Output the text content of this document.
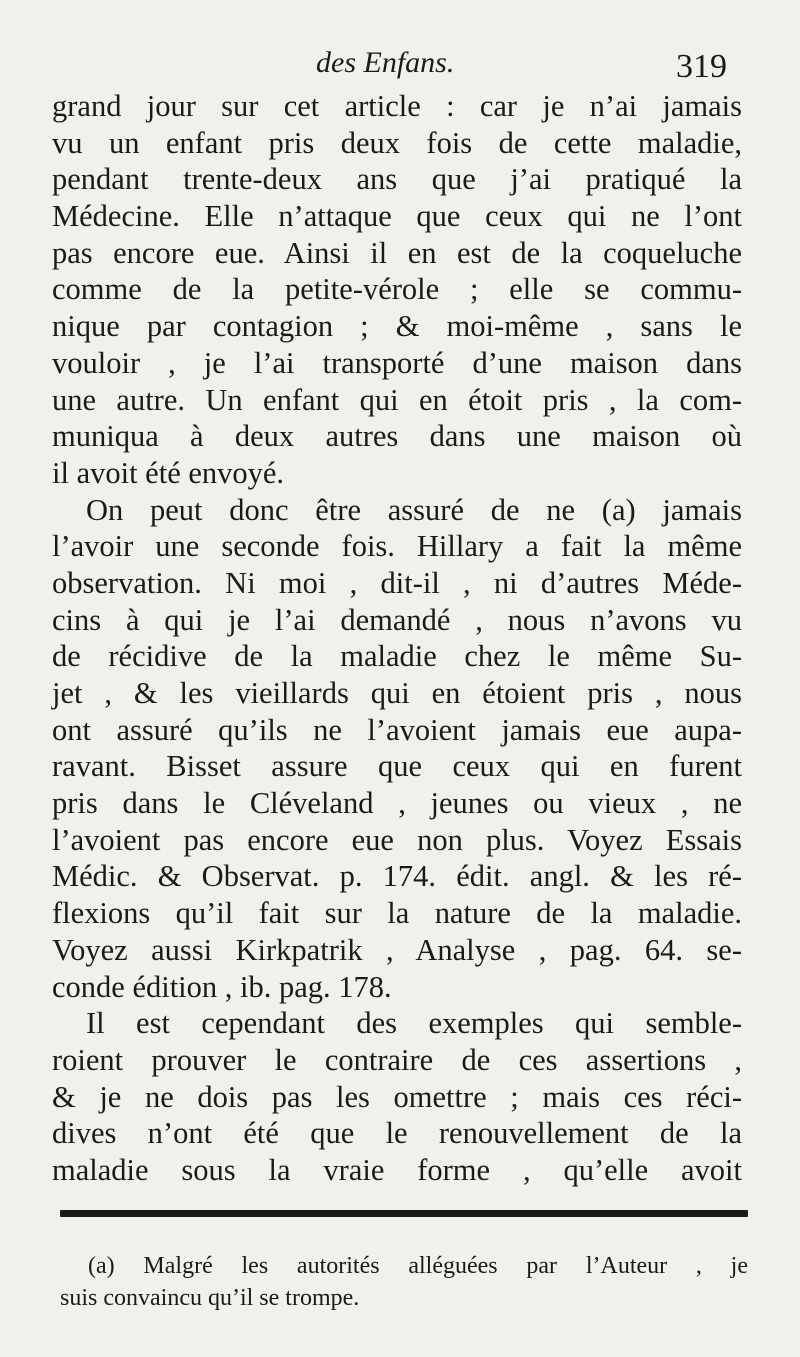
des Enfans.	319
grand jour sur cet article : car je n’ai jamais
vu un enfant pris deux fois de cette maladie,
pendant trente-deux ans que j’ai pratiqué la
Médecine. Elle n’attaque que ceux qui ne l’ont
pas encore eue. Ainsi il en est de la coqueluche
comme de la petite-vérole ; elle se commu-
nique par contagion ; & moi-même , sans le
vouloir , je l’ai transporté d’une maison dans
une autre. Un enfant qui en étoit pris , la com-
muniqua à deux autres dans une maison où
il avoit été envoyé.
On peut donc être assuré de ne (a) jamais
l’avoir une seconde fois. Hillary a fait la même
observation. Ni moi , dit-il , ni d’autres Méde-
cins à qui je l’ai demandé , nous n’avons vu
de récidive de la maladie chez le même Su-
jet , & les vieillards qui en étoient pris , nous
ont assuré qu’ils ne l’avoient jamais eue aupa-
ravant. Bisset assure que ceux qui en furent
pris dans le Cléveland , jeunes ou vieux , ne
l’avoient pas encore eue non plus. Voyez Essais
Médic. & Observat. p. 174. édit. angl. & les ré-
flexions qu’il fait sur la nature de la maladie.
Voyez aussi Kirkpatrik , Analyse , pag. 64. se-
conde édition , ib. pag. 178.
Il est cependant des exemples qui semble-
roient prouver le contraire de ces assertions ,
& je ne dois pas les omettre ; mais ces réci-
dives n’ont été que le renouvellement de la
maladie sous la vraie forme , qu’elle avoit
(a) Malgré les autorités alléguées par l’Auteur , je
suis convaincu qu’il se trompe.
